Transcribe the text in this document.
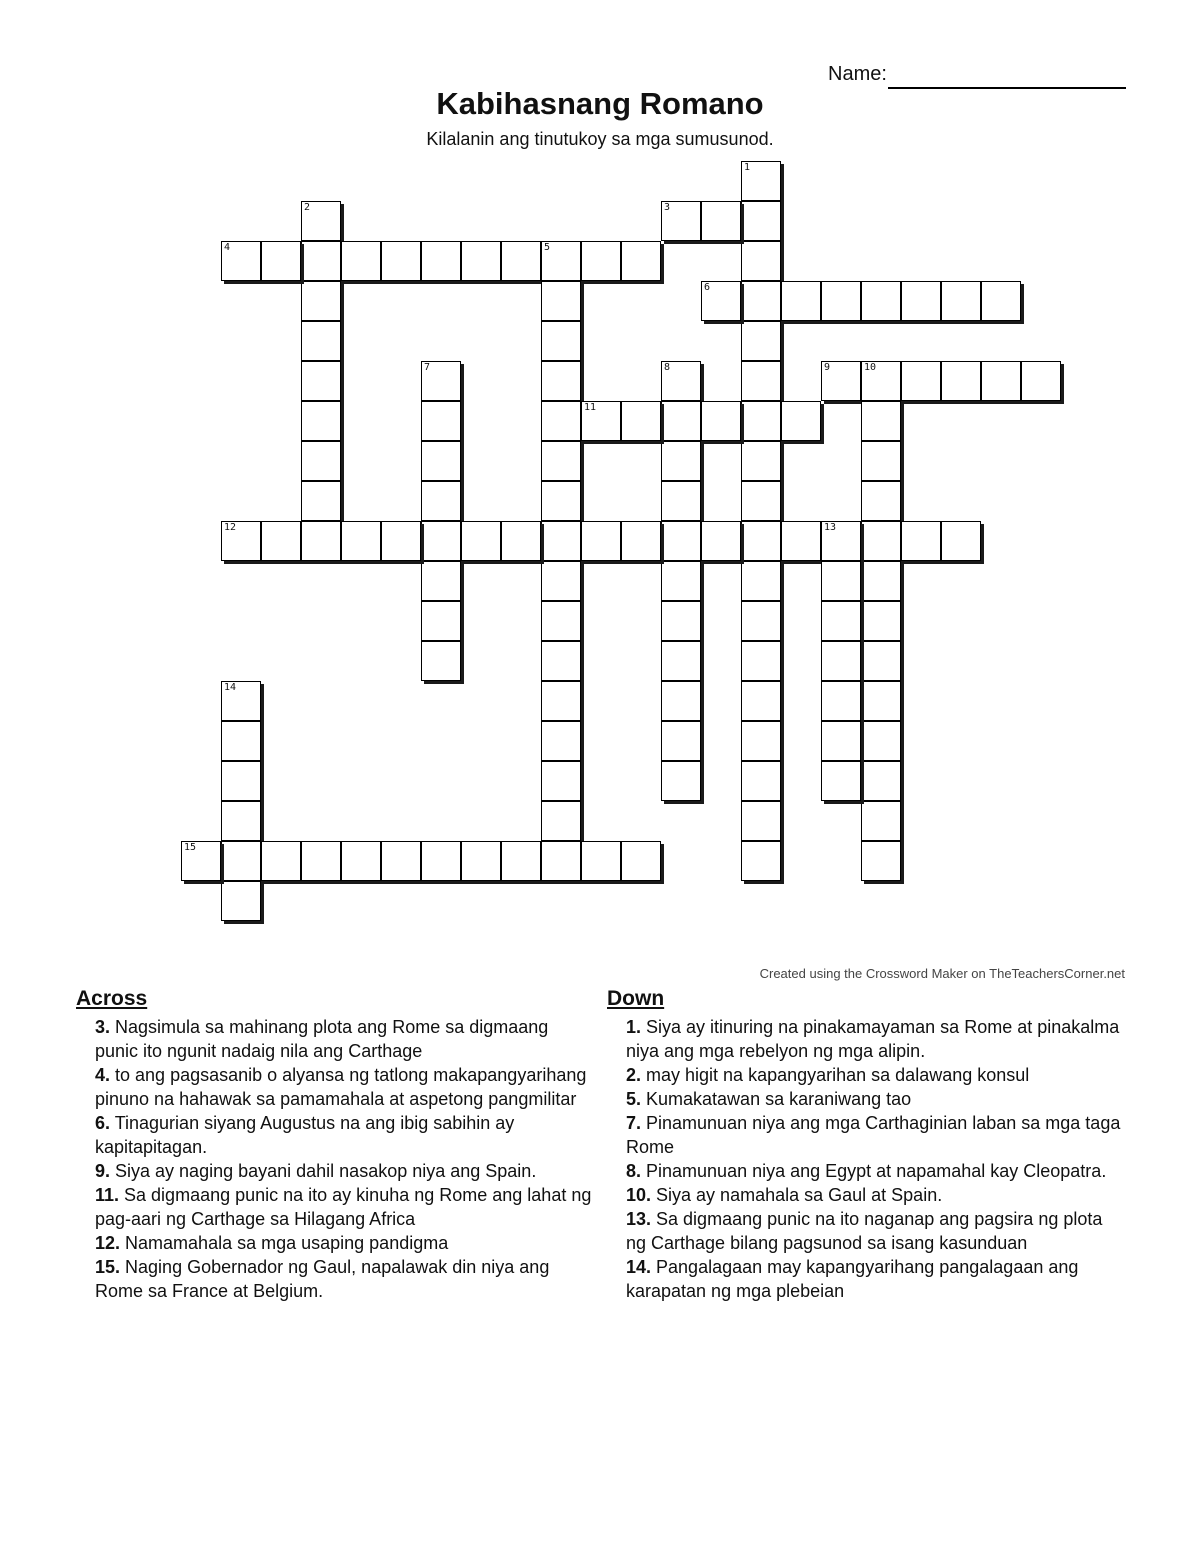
Name:
Kabihasnang Romano
Kilalanin ang tinutukoy sa mga sumusunod.
1
2	3
4	5
6
7	8	9	10
11
12	13
14
15
Created using the Crossword Maker on TheTeachersCorner.net
Across
3. Nagsimula sa mahinang plota ang Rome sa digmaang punic ito ngunit nadaig nila ang Carthage
4. to ang pagsasanib o alyansa ng tatlong makapangyarihang pinuno na hahawak sa pamamahala at aspetong pangmilitar
6. Tinagurian siyang Augustus na ang ibig sabihin ay kapitapitagan.
9. Siya ay naging bayani dahil nasakop niya ang Spain.
11. Sa digmaang punic na ito ay kinuha ng Rome ang lahat ng pag-aari ng Carthage sa Hilagang Africa
12. Namamahala sa mga usaping pandigma
15. Naging Gobernador ng Gaul, napalawak din niya ang Rome sa France at Belgium.
Down
1. Siya ay itinuring na pinakamayaman sa Rome at pinakalma niya ang mga rebelyon ng mga alipin.
2. may higit na kapangyarihan sa dalawang konsul
5. Kumakatawan sa karaniwang tao
7. Pinamunuan niya ang mga Carthaginian laban sa mga taga Rome
8. Pinamunuan niya ang Egypt at napamahal kay Cleopatra.
10. Siya ay namahala sa Gaul at Spain.
13. Sa digmaang punic na ito naganap ang pagsira ng plota ng Carthage bilang pagsunod sa isang kasunduan
14. Pangalagaan may kapangyarihang pangalagaan ang karapatan ng mga plebeian
